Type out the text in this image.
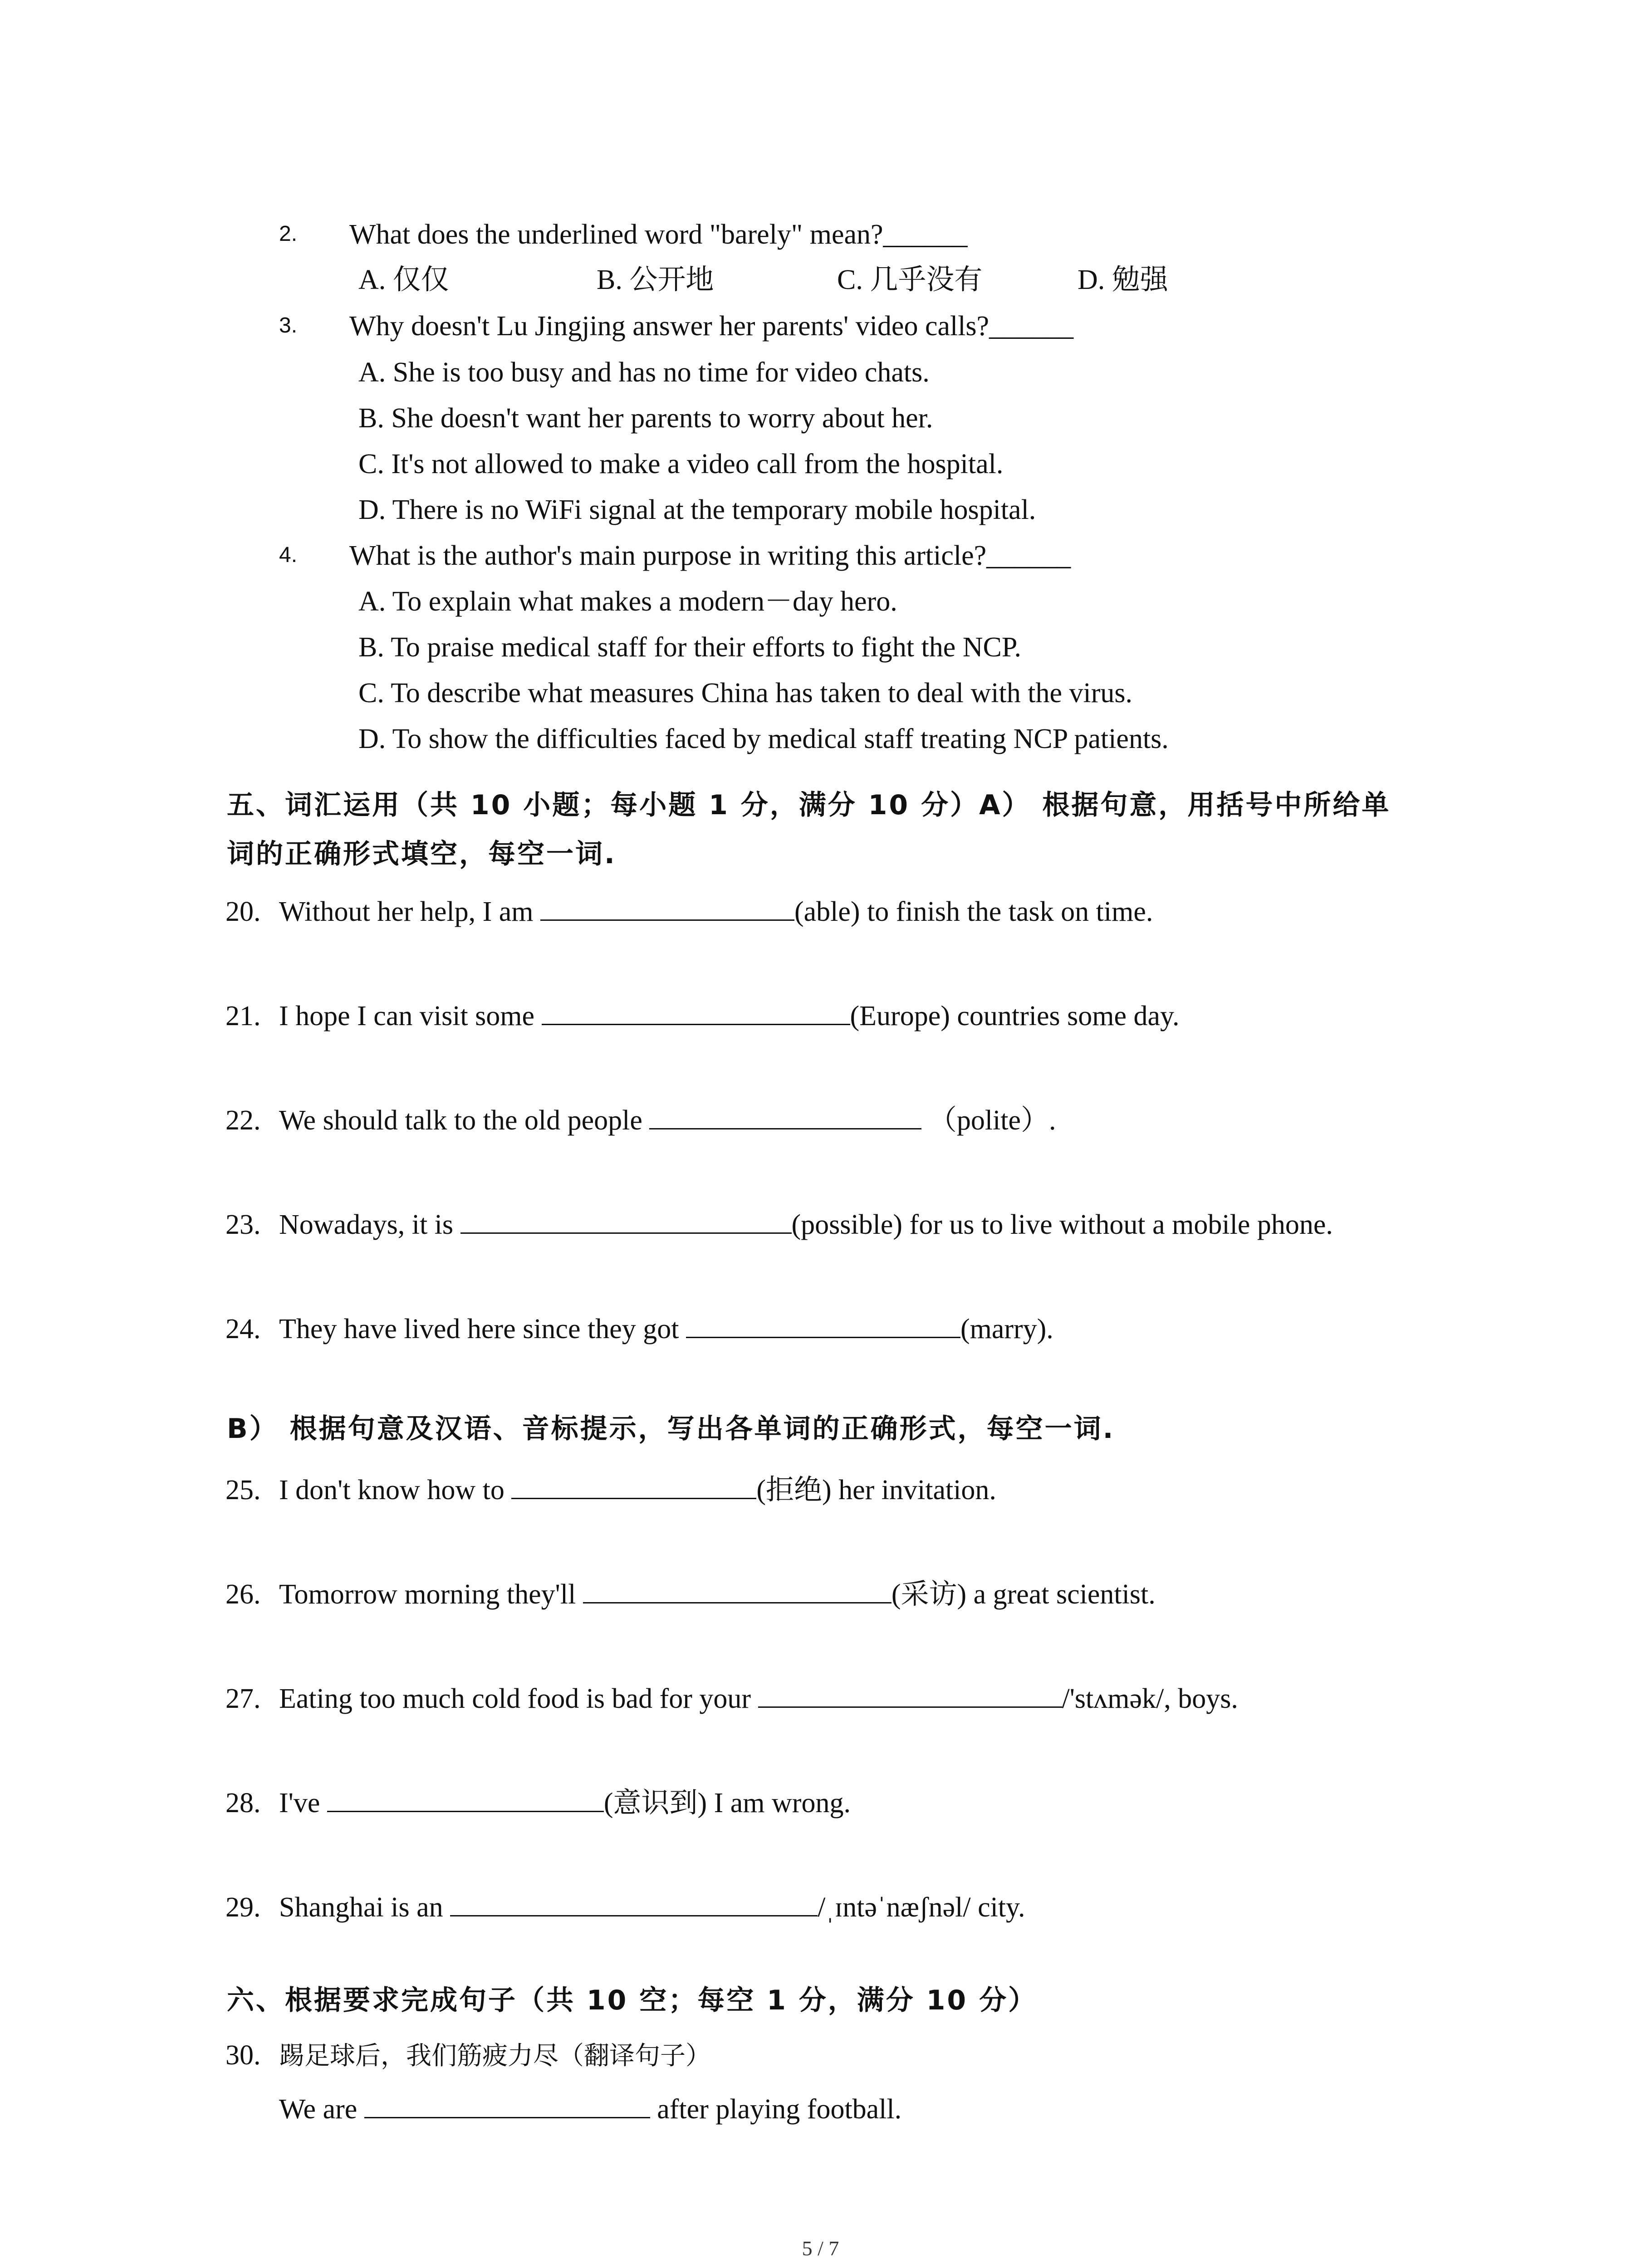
2. What does the underlined word "barely" mean?______
A. 仅仅	B. 公开地	C. 几乎没有	D. 勉强
3. Why doesn't Lu Jingjing answer her parents' video calls?______
A. She is too busy and has no time for video chats.
B. She doesn't want her parents to worry about her.
C. It's not allowed to make a video call from the hospital.
D. There is no WiFi signal at the temporary mobile hospital.
4. What is the author's main purpose in writing this article?______
A. To explain what makes a modern－day hero.
B. To praise medical staff for their efforts to fight the NCP.
C. To describe what measures China has taken to deal with the virus.
D. To show the difficulties faced by medical staff treating NCP patients.
五、词汇运用（共 10 小题；每小题 1 分，满分 10 分）A） 根据句意，用括号中所给单
词的正确形式填空，每空一词.
20. Without her help, I am	(able) to finish the task on time.
21. I hope I can visit some	(Europe) countries some day.
22. We should talk to the old people	（polite）.
23. Nowadays, it is	(possible) for us to live without a mobile phone.
24. They have lived here since they got	(marry).
B） 根据句意及汉语、音标提示，写出各单词的正确形式，每空一词.
25. I don't know how to	(拒绝) her invitation.
26. Tomorrow morning they'll	(采访) a great scientist.
27. Eating too much cold food is bad for your	/'stʌmək/, boys.
28. I've	(意识到) I am wrong.
29. Shanghai is an	/ˌɪntəˈnæʃnəl/ city.
六、根据要求完成句子（共 10 空；每空 1 分，满分 10 分）
30. 踢足球后，我们筋疲力尽（翻译句子）
We are	after playing football.
5 / 7
